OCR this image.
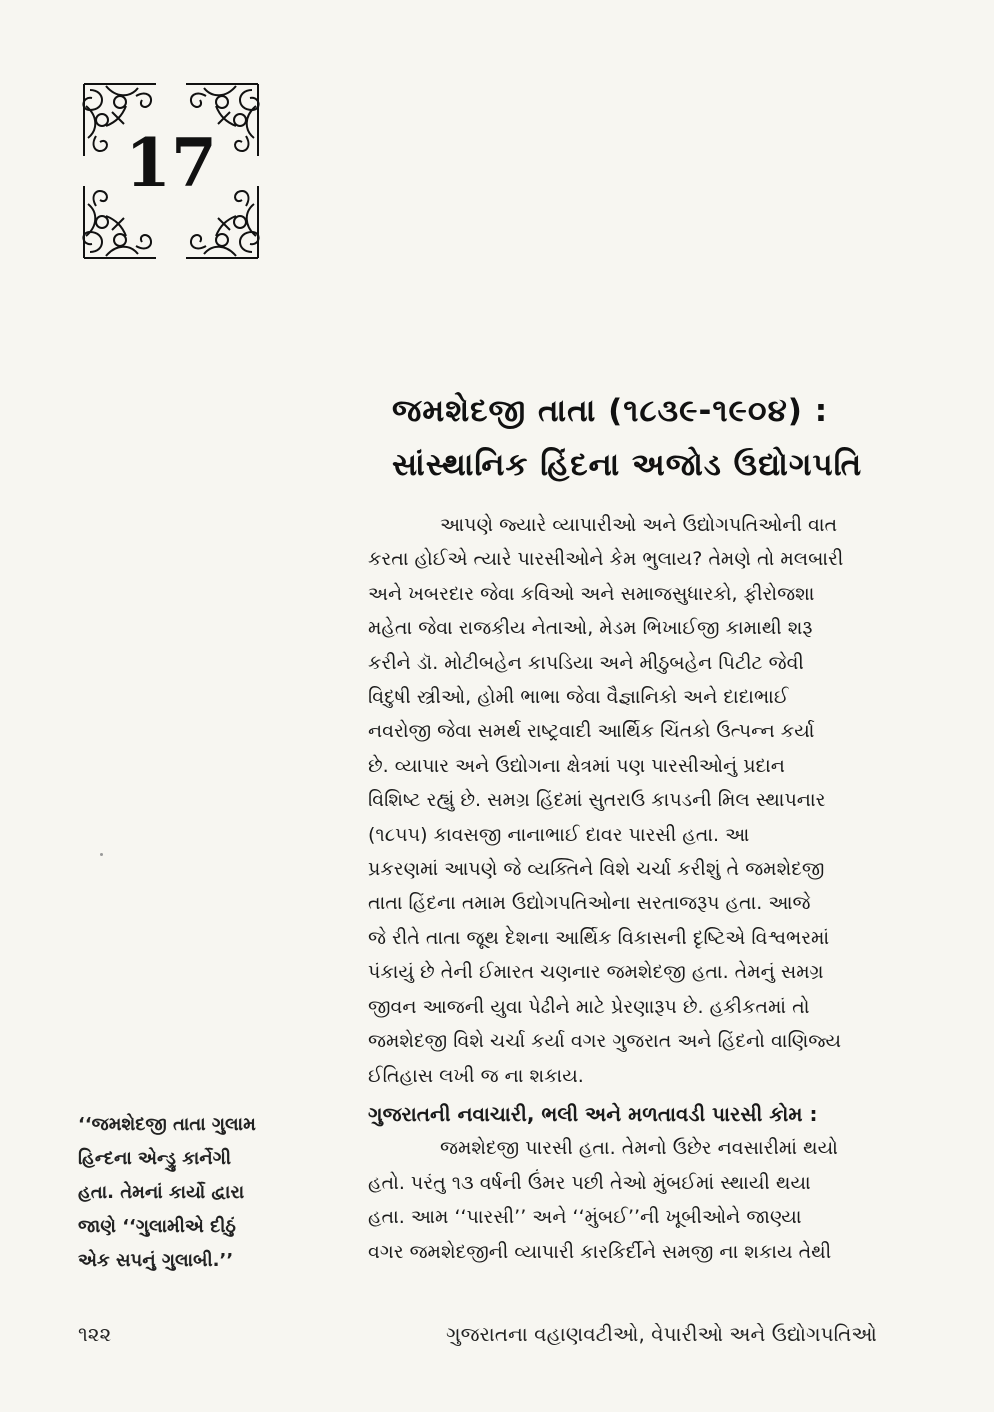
17
જમશેદજી તાતા (૧૮૩૯-૧૯૦૪) :
સાંસ્થાનિક હિંદના અજોડ ઉદ્યોગપતિ
આપણે જ્યારે વ્યાપારીઓ અને ઉદ્યોગપતિઓની વાત
કરતા હોઈએ ત્યારે પારસીઓને કેમ ભુલાય? તેમણે તો મલબારી
અને ખબરદાર જેવા કવિઓ અને સમાજસુધારકો, ફીરોજશા
મહેતા જેવા રાજકીય નેતાઓ, મેડમ ભિખાઈજી કામાથી શરૂ
કરીને ડૉ. મોટીબહેન કાપડિયા અને મીઠુબહેન પિટીટ જેવી
વિદુષી સ્ત્રીઓ, હોમી ભાભા જેવા વૈજ્ઞાનિકો અને દાદાભાઈ
નવરોજી જેવા સમર્થ રાષ્ટ્રવાદી આર્થિક ચિંતકો ઉત્પન્ન કર્યા
છે. વ્યાપાર અને ઉદ્યોગના ક્ષેત્રમાં પણ પારસીઓનું પ્રદાન
વિશિષ્ટ રહ્યું છે. સમગ્ર હિંદમાં સુતરાઉ કાપડની મિલ સ્થાપનાર
(૧૮૫૫) કાવસજી નાનાભાઈ દાવર પારસી હતા. આ
પ્રકરણમાં આપણે જે વ્યક્તિને વિશે ચર્ચા કરીશું તે જમશેદજી
તાતા હિંદના તમામ ઉદ્યોગપતિઓના સરતાજરૂપ હતા. આજે
જે રીતે તાતા જૂથ દેશના આર્થિક વિકાસની દૃષ્ટિએ વિશ્વભરમાં
પંકાયું છે તેની ઈમારત ચણનાર જમશેદજી હતા. તેમનું સમગ્ર
જીવન આજની યુવા પેઢીને માટે પ્રેરણારૂપ છે. હકીકતમાં તો
જમશેદજી વિશે ચર્ચા કર્યા વગર ગુજરાત અને હિંદનો વાણિજ્ય
ઈતિહાસ લખી જ ના શકાય.
ગુજરાતની નવાચારી, ભલી અને મળતાવડી પારસી કોમ :
જમશેદજી પારસી હતા. તેમનો ઉછેર નવસારીમાં થયો
હતો. પરંતુ ૧૩ વર્ષની ઉંમર પછી તેઓ મુંબઈમાં સ્થાયી થયા
હતા. આમ ‘‘પારસી’’ અને ‘‘મુંબઈ’’ની ખૂબીઓને જાણ્યા
વગર જમશેદજીની વ્યાપારી કારકિર્દીને સમજી ના શકાય તેથી
‘‘જમશેદજી તાતા ગુલામ
હિન્દના એન્ડ્રુ કાર્નેગી
હતા. તેમનાં કાર્યો દ્વારા
જાણે ‘‘ગુલામીએ દીઠું
એક સપનું ગુલાબી.’’
૧૨૨	ગુજરાતના વહાણવટીઓ, વેપારીઓ અને ઉદ્યોગપતિઓ
